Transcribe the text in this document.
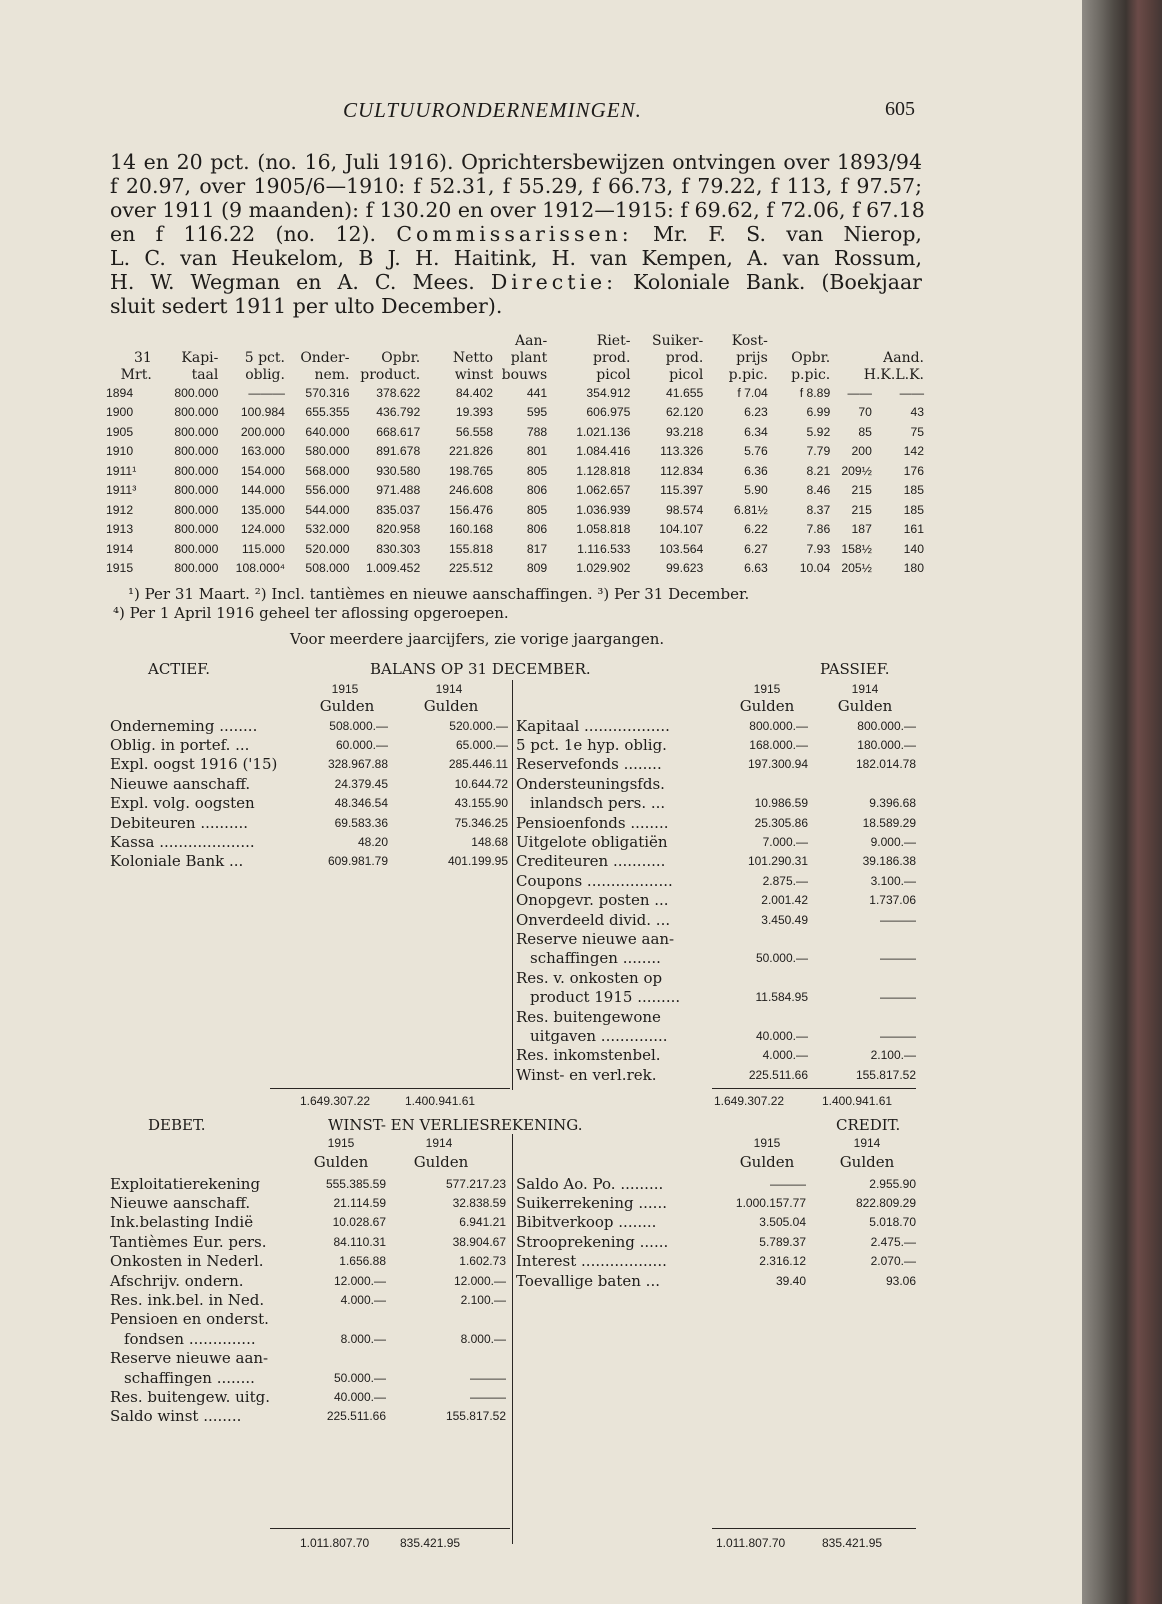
CULTUURONDERNEMINGEN.	605

14 en 20 pct. (no. 16, Juli 1916). Oprichtersbewijzen ontvingen over 1893/94

f 20.97, over 1905/6—1910: f 52.31, f 55.29, f 66.73, f 79.22, f 113, f 97.57;

over 1911 (9 maanden): f 130.20 en over 1912—1915: f 69.62, f 72.06, f 67.18

en f 116.22 (no. 12). Commissarissen: Mr. F. S. van Nierop,

L. C. van Heukelom, B J. H. Haitink, H. van Kempen, A. van Rossum,

H. W. Wegman en A. C. Mees. Directie: Koloniale Bank. (Boekjaar

sluit sedert 1911 per ulto December).

						Aan-	Riet-	Suiker-	Kost-			
31	Kapi-	5 pct.	Onder-	Opbr.	Netto	plant	prod.	prod.	prijs	Opbr.	Aand.	
Mrt.	taal	oblig.	nem.	product.	winst	bouws	picol	picol	p.pic.	p.pic.	H.K.L.K.	
1894	800.000	———	570.316	378.622	84.402	441	354.912	41.655	f 7.04	f 8.89	——	——
1900	800.000	100.984	655.355	436.792	19.393	595	606.975	62.120	6.23	6.99	70	43
1905	800.000	200.000	640.000	668.617	56.558	788	1.021.136	93.218	6.34	5.92	85	75
1910	800.000	163.000	580.000	891.678	221.826	801	1.084.416	113.326	5.76	7.79	200	142
1911¹	800.000	154.000	568.000	930.580	198.765	805	1.128.818	112.834	6.36	8.21	209½	176
1911³	800.000	144.000	556.000	971.488	246.608	806	1.062.657	115.397	5.90	8.46	215	185
1912	800.000	135.000	544.000	835.037	156.476	805	1.036.939	98.574	6.81½	8.37	215	185
1913	800.000	124.000	532.000	820.958	160.168	806	1.058.818	104.107	6.22	7.86	187	161
1914	800.000	115.000	520.000	830.303	155.818	817	1.116.533	103.564	6.27	7.93	158½	140
1915	800.000	108.000⁴	508.000	1.009.452	225.512	809	1.029.902	99.623	6.63	10.04	205½	180
¹) Per 31 Maart. ²) Incl. tantièmes en nieuwe aanschaffingen. ³) Per 31 December.
⁴) Per 1 April 1916 geheel ter aflossing opgeroepen.
Voor meerdere jaarcijfers, zie vorige jaargangen.
ACTIEF.	BALANS OP 31 DECEMBER.	PASSIEF.
1915	1914
Gulden	Gulden
1915	1914
Gulden	Gulden
Onderneming ........	508.000.—	520.000.—
Oblig. in portef. ...	60.000.—	65.000.—
Expl. oogst 1916 ('15)	328.967.88	285.446.11
Nieuwe aanschaff.	24.379.45	10.644.72
Expl. volg. oogsten	48.346.54	43.155.90
Debiteuren ..........	69.583.36	75.346.25
Kassa ....................	48.20	148.68
Koloniale Bank ...	609.981.79	401.199.95
Kapitaal ..................	800.000.—	800.000.—
5 pct. 1e hyp. oblig.	168.000.—	180.000.—
Reservefonds ........	197.300.94	182.014.78
Ondersteuningsfds.		
inlandsch pers. ...	10.986.59	9.396.68
Pensioenfonds ........	25.305.86	18.589.29
Uitgelote obligatiën	7.000.—	9.000.—
Crediteuren ...........	101.290.31	39.186.38
Coupons ..................	2.875.—	3.100.—
Onopgevr. posten ...	2.001.42	1.737.06
Onverdeeld divid. ...	3.450.49	———
Reserve nieuwe aan-		
schaffingen ........	50.000.—	———
Res. v. onkosten op		
product 1915 .........	11.584.95	———
Res. buitengewone		
uitgaven ..............	40.000.—	———
Res. inkomstenbel.	4.000.—	2.100.—
Winst- en verl.rek.	225.511.66	155.817.52
1.649.307.22	1.400.941.61	1.649.307.22	1.400.941.61
DEBET.	WINST- EN VERLIESREKENING.	CREDIT.
1915	1914
Gulden	Gulden
1915	1914
Gulden	Gulden
Exploitatierekening	555.385.59	577.217.23
Nieuwe aanschaff.	21.114.59	32.838.59
Ink.belasting Indië	10.028.67	6.941.21
Tantièmes Eur. pers.	84.110.31	38.904.67
Onkosten in Nederl.	1.656.88	1.602.73
Afschrijv. ondern.	12.000.—	12.000.—
Res. ink.bel. in Ned.	4.000.—	2.100.—
Pensioen en onderst.		
fondsen ..............	8.000.—	8.000.—
Reserve nieuwe aan-		
schaffingen ........	50.000.—	———
Res. buitengew. uitg.	40.000.—	———
Saldo winst ........	225.511.66	155.817.52
Saldo Ao. Po. .........	———	2.955.90
Suikerrekening ......	1.000.157.77	822.809.29
Bibitverkoop ........	3.505.04	5.018.70
Strooprekening ......	5.789.37	2.475.—
Interest ..................	2.316.12	2.070.—
Toevallige baten ...	39.40	93.06
1.011.807.70	835.421.95	1.011.807.70	835.421.95
